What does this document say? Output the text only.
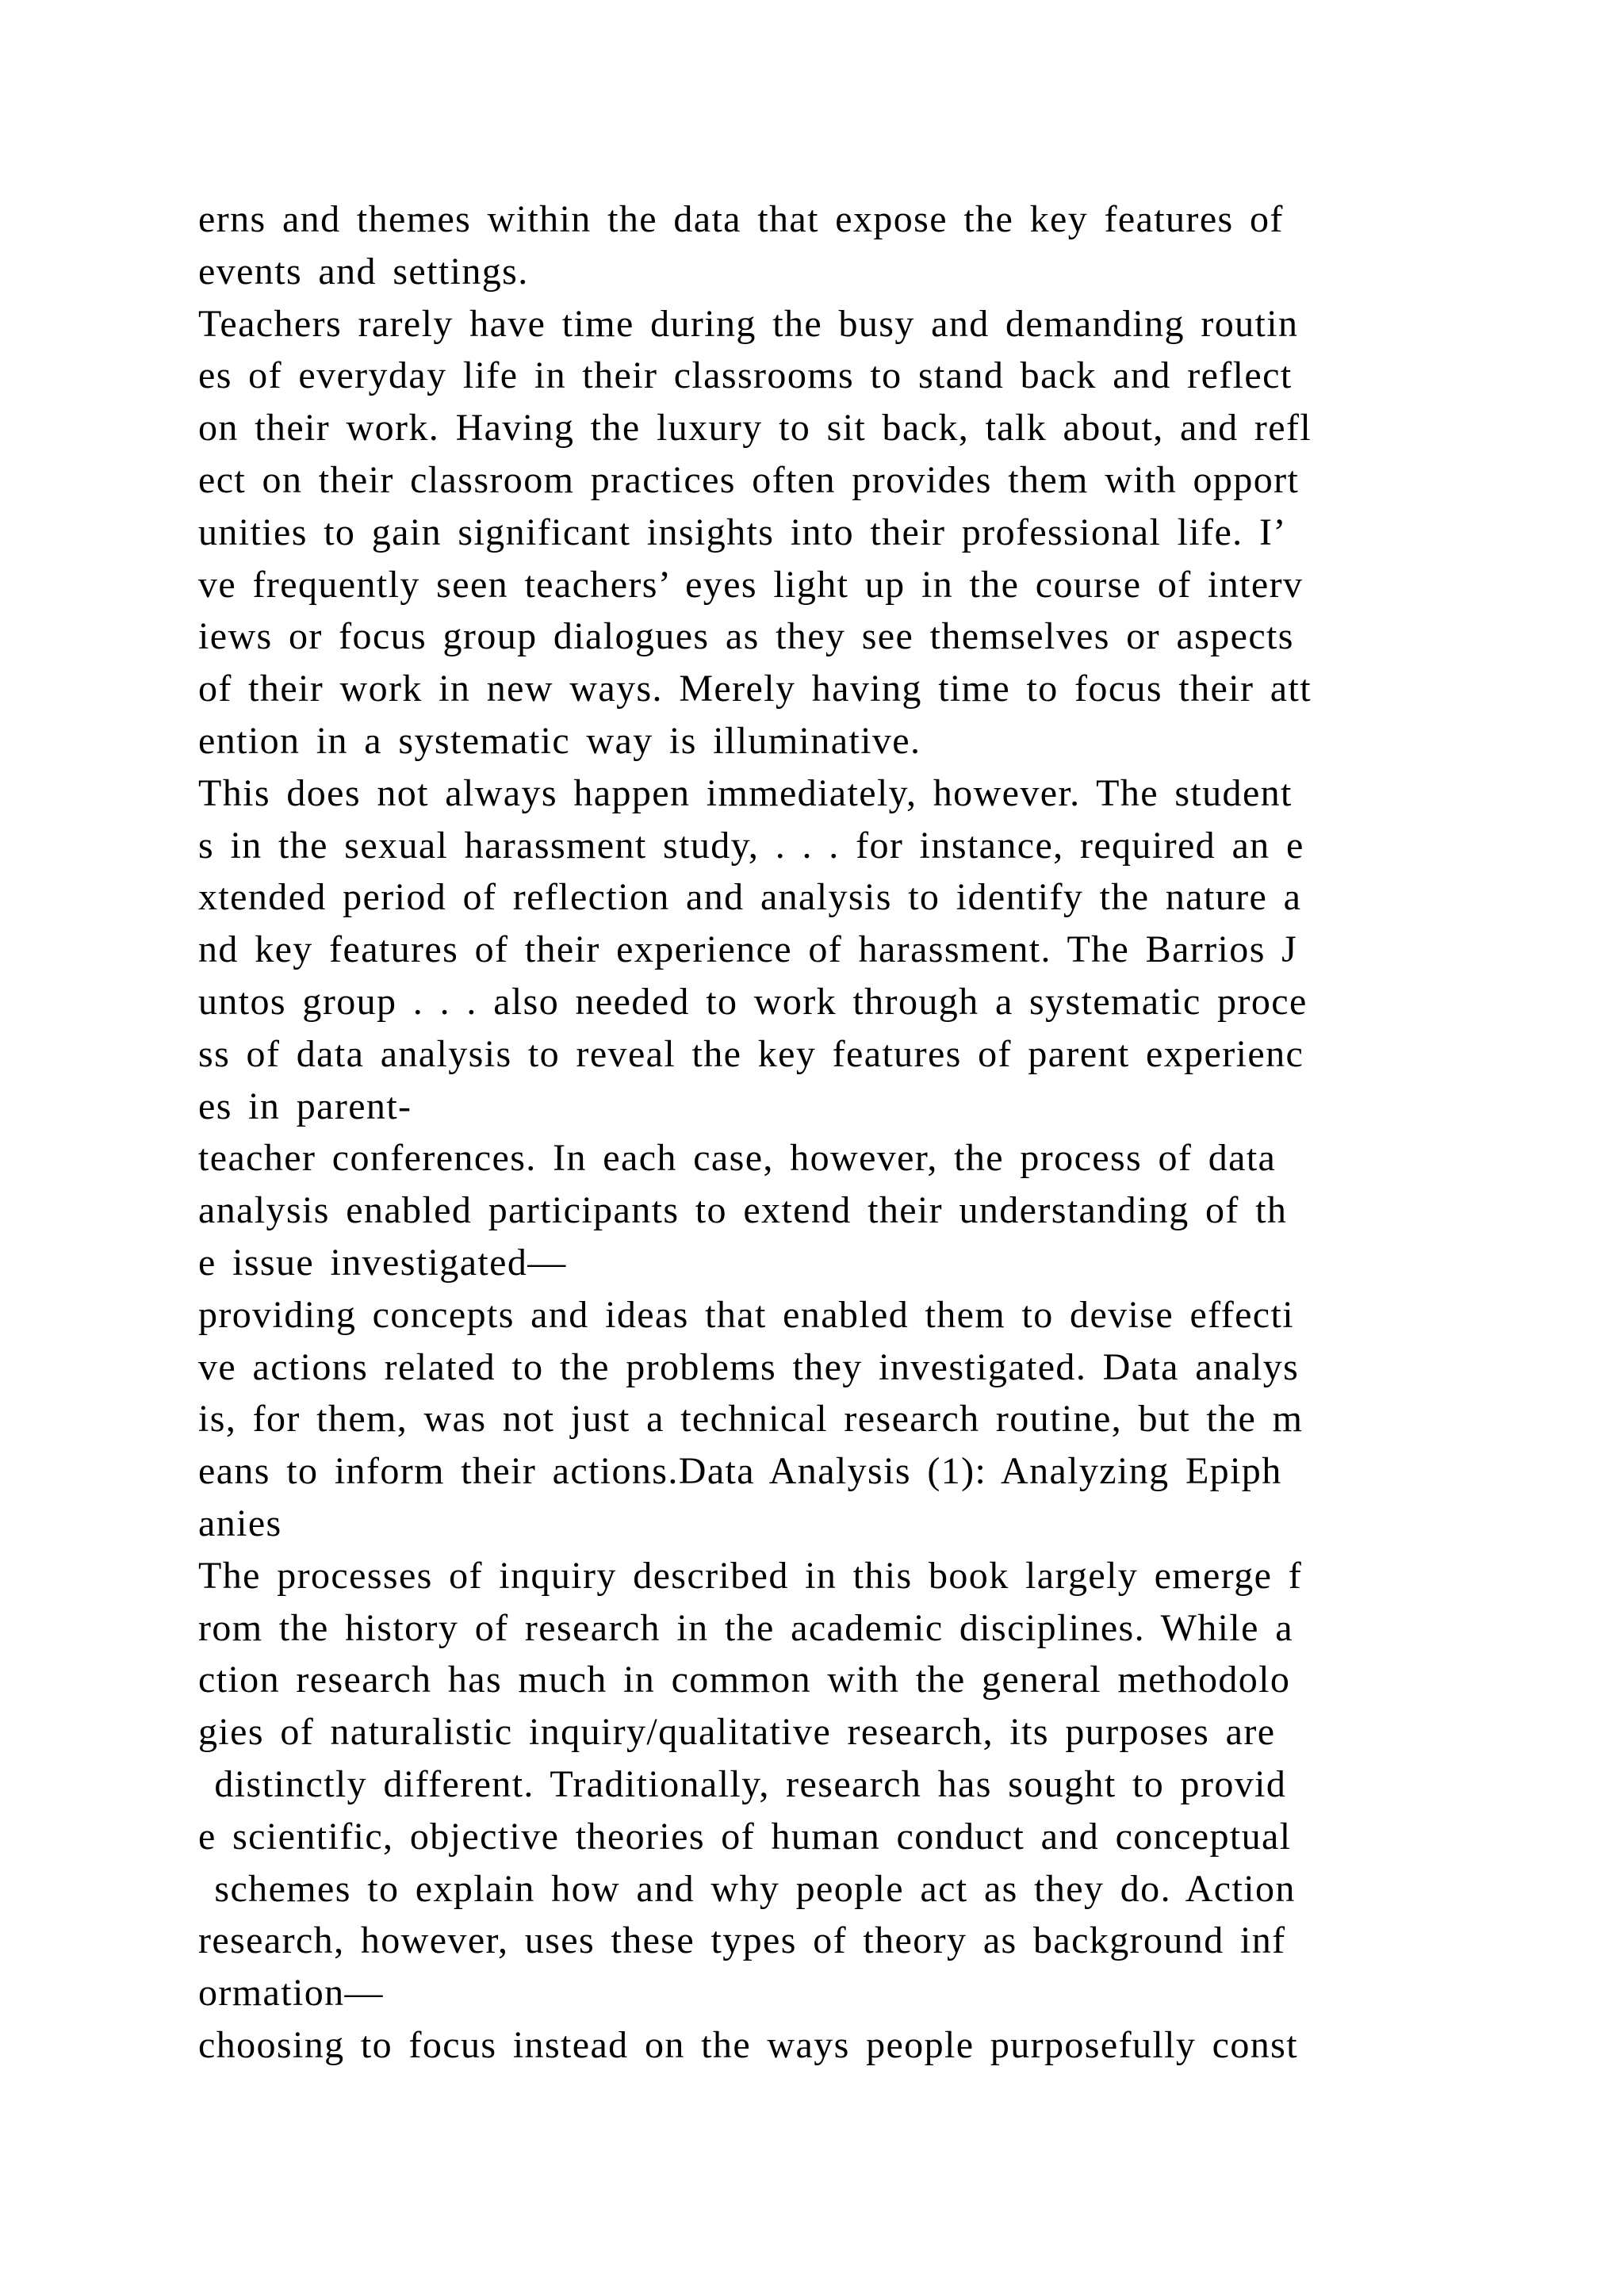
erns and themes within the data that expose the key features of
events and settings.
Teachers rarely have time during the busy and demanding routin
es of everyday life in their classrooms to stand back and reflect
on their work. Having the luxury to sit back, talk about, and refl
ect on their classroom practices often provides them with opport
unities to gain significant insights into their professional life. I’
ve frequently seen teachers’ eyes light up in the course of interv
iews or focus group dialogues as they see themselves or aspects
of their work in new ways. Merely having time to focus their att
ention in a systematic way is illuminative.
This does not always happen immediately, however. The student
s in the sexual harassment study, . . . for instance, required an e
xtended period of reflection and analysis to identify the nature a
nd key features of their experience of harassment. The Barrios J
untos group . . . also needed to work through a systematic proce
ss of data analysis to reveal the key features of parent experienc
es in parent-
teacher conferences. In each case, however, the process of data
analysis enabled participants to extend their understanding of th
e issue investigated—
providing concepts and ideas that enabled them to devise effecti
ve actions related to the problems they investigated. Data analys
is, for them, was not just a technical research routine, but the m
eans to inform their actions.Data Analysis (1): Analyzing Epiph
anies
The processes of inquiry described in this book largely emerge f
rom the history of research in the academic disciplines. While a
ction research has much in common with the general methodolo
gies of naturalistic inquiry/qualitative research, its purposes are
distinctly different. Traditionally, research has sought to provid
e scientific, objective theories of human conduct and conceptual
schemes to explain how and why people act as they do. Action
research, however, uses these types of theory as background inf
ormation—
choosing to focus instead on the ways people purposefully const
